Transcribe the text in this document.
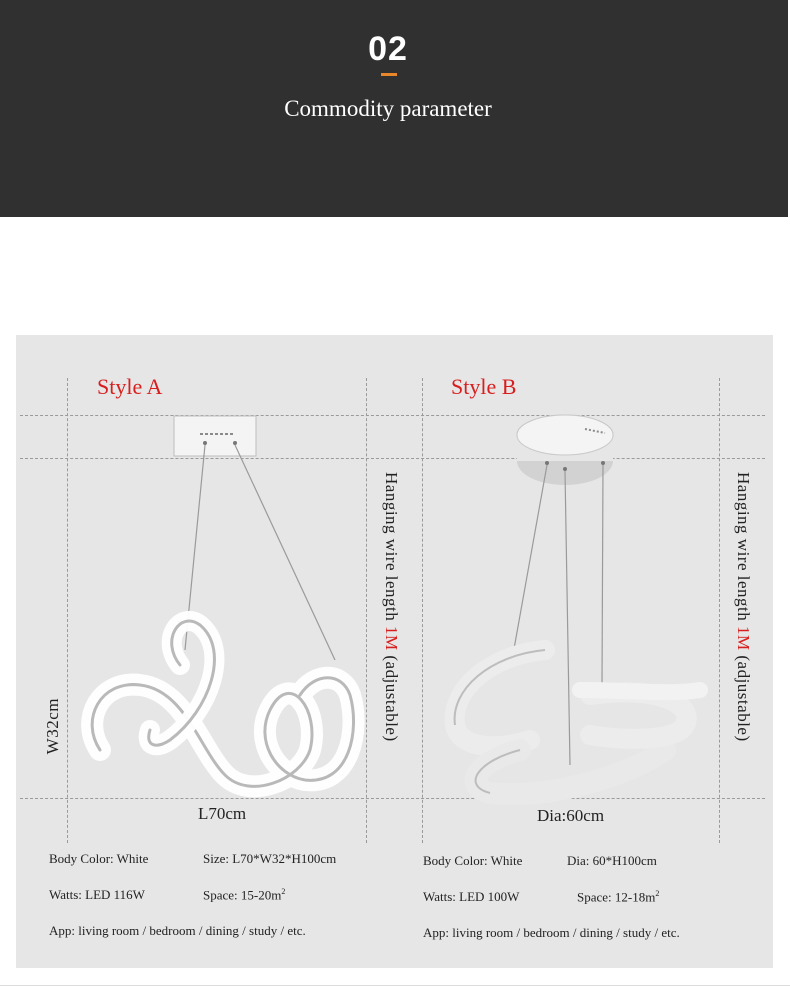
02
Commodity parameter
Style A
L70cm
W32cm
Hanging wire length 1M (adjustable)
Body Color: White	Size: L70*W32*H100cm
Watts: LED 116W	Space: $15-20m^2$
App: living room / bedroom / dining / study / etc.
Style B
Dia:60cm
Hanging wire length 1M (adjustable)
Body Color: White	Dia: 60*H100cm
Watts: LED 100W	Space: $12-18m^2$
App: living room / bedroom / dining / study / etc.
